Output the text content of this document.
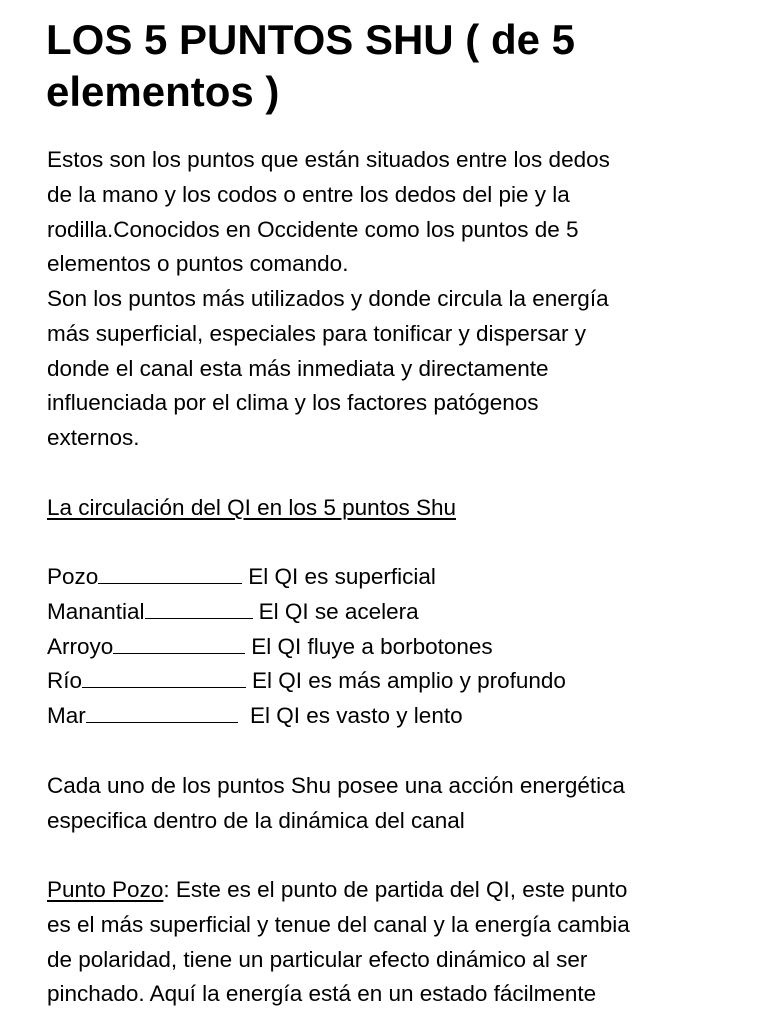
LOS 5 PUNTOS SHU ( de 5 elementos )
Estos son los puntos que están situados entre los dedos
de la mano y los codos o entre los dedos del pie y la
rodilla.Conocidos en Occidente como los puntos de 5
elementos o puntos comando.
Son los puntos más utilizados y donde circula la energía
más superficial, especiales para tonificar y dispersar y
donde el canal esta más inmediata y directamente
influenciada por el clima y los factores patógenos
externos.
La circulación del QI en los 5 puntos Shu
Pozo	El QI es superficial
Manantial	El QI se acelera
Arroyo	El QI fluye a borbotones
Río	El QI es más amplio y profundo
Mar	El QI es vasto y lento
Cada uno de los puntos Shu posee una acción energética
especifica dentro de la dinámica del canal
Punto Pozo: Este es el punto de partida del QI, este punto
es el más superficial y tenue del canal y la energía cambia
de polaridad, tiene un particular efecto dinámico al ser
pinchado. Aquí la energía está en un estado fácilmente
